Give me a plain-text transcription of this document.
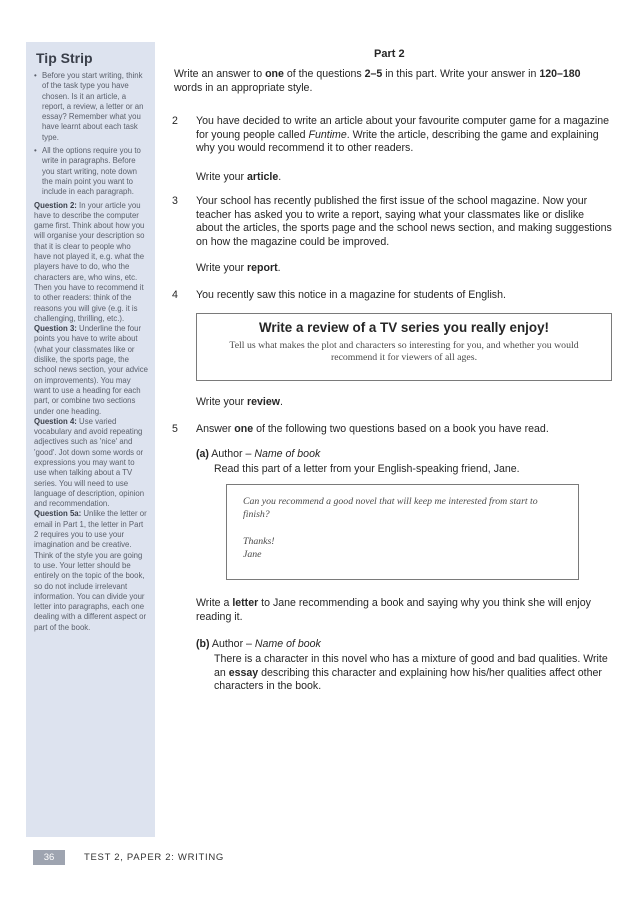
Tip Strip
• Before you start writing, think of the task type you have chosen. Is it an article, a report, a review, a letter or an essay? Remember what you have learnt about each task type.
• All the options require you to write in paragraphs. Before you start writing, note down the main point you want to include in each paragraph.

Question 2: In your article you have to describe the computer game first. Think about how you will organise your description so that it is clear to people who have not played it, e.g. what the players have to do, who the characters are, who wins, etc. Then you have to recommend it to other readers: think of the reasons you will give (e.g. it is challenging, thrilling, etc.).

Question 3: Underline the four points you have to write about (what your classmates like or dislike, the sports page, the school news section, your advice on improvements). You may want to use a heading for each part, or combine two sections under one heading.

Question 4: Use varied vocabulary and avoid repeating adjectives such as 'nice' and 'good'. Jot down some words or expressions you may want to use when talking about a TV series. You will need to use language of description, opinion and recommendation.

Question 5a: Unlike the letter or email in Part 1, the letter in Part 2 requires you to use your imagination and be creative. Think of the style you are going to use. Your letter should be entirely on the topic of the book, so do not include irrelevant information. You can divide your letter into paragraphs, each one dealing with a different aspect or part of the book.

Part 2
Write an answer to one of the questions 2–5 in this part. Write your answer in 120–180 words in an appropriate style.
2 You have decided to write an article about your favourite computer game for a magazine for young people called Funtime. Write the article, describing the game and explaining why you would recommend it to other readers.
Write your article.
3 Your school has recently published the first issue of the school magazine. Now your teacher has asked you to write a report, saying what your classmates like or dislike about the articles, the sports page and the school news section, and making suggestions on how the magazine could be improved.
Write your report.
4 You recently saw this notice in a magazine for students of English.
Write a review of a TV series you really enjoy!
Tell us what makes the plot and characters so interesting for you, and whether you would recommend it for viewers of all ages.
Write your review.
5 Answer one of the following two questions based on a book you have read.
(a) Author – Name of book
Read this part of a letter from your English-speaking friend, Jane.
Can you recommend a good novel that will keep me interested from start to finish?
Thanks!
Jane
Write a letter to Jane recommending a book and saying why you think she will enjoy reading it.
(b) Author – Name of book
There is a character in this novel who has a mixture of good and bad qualities. Write an essay describing this character and explaining how his/her qualities affect other characters in the book.
36	TEST 2, PAPER 2: WRITING
